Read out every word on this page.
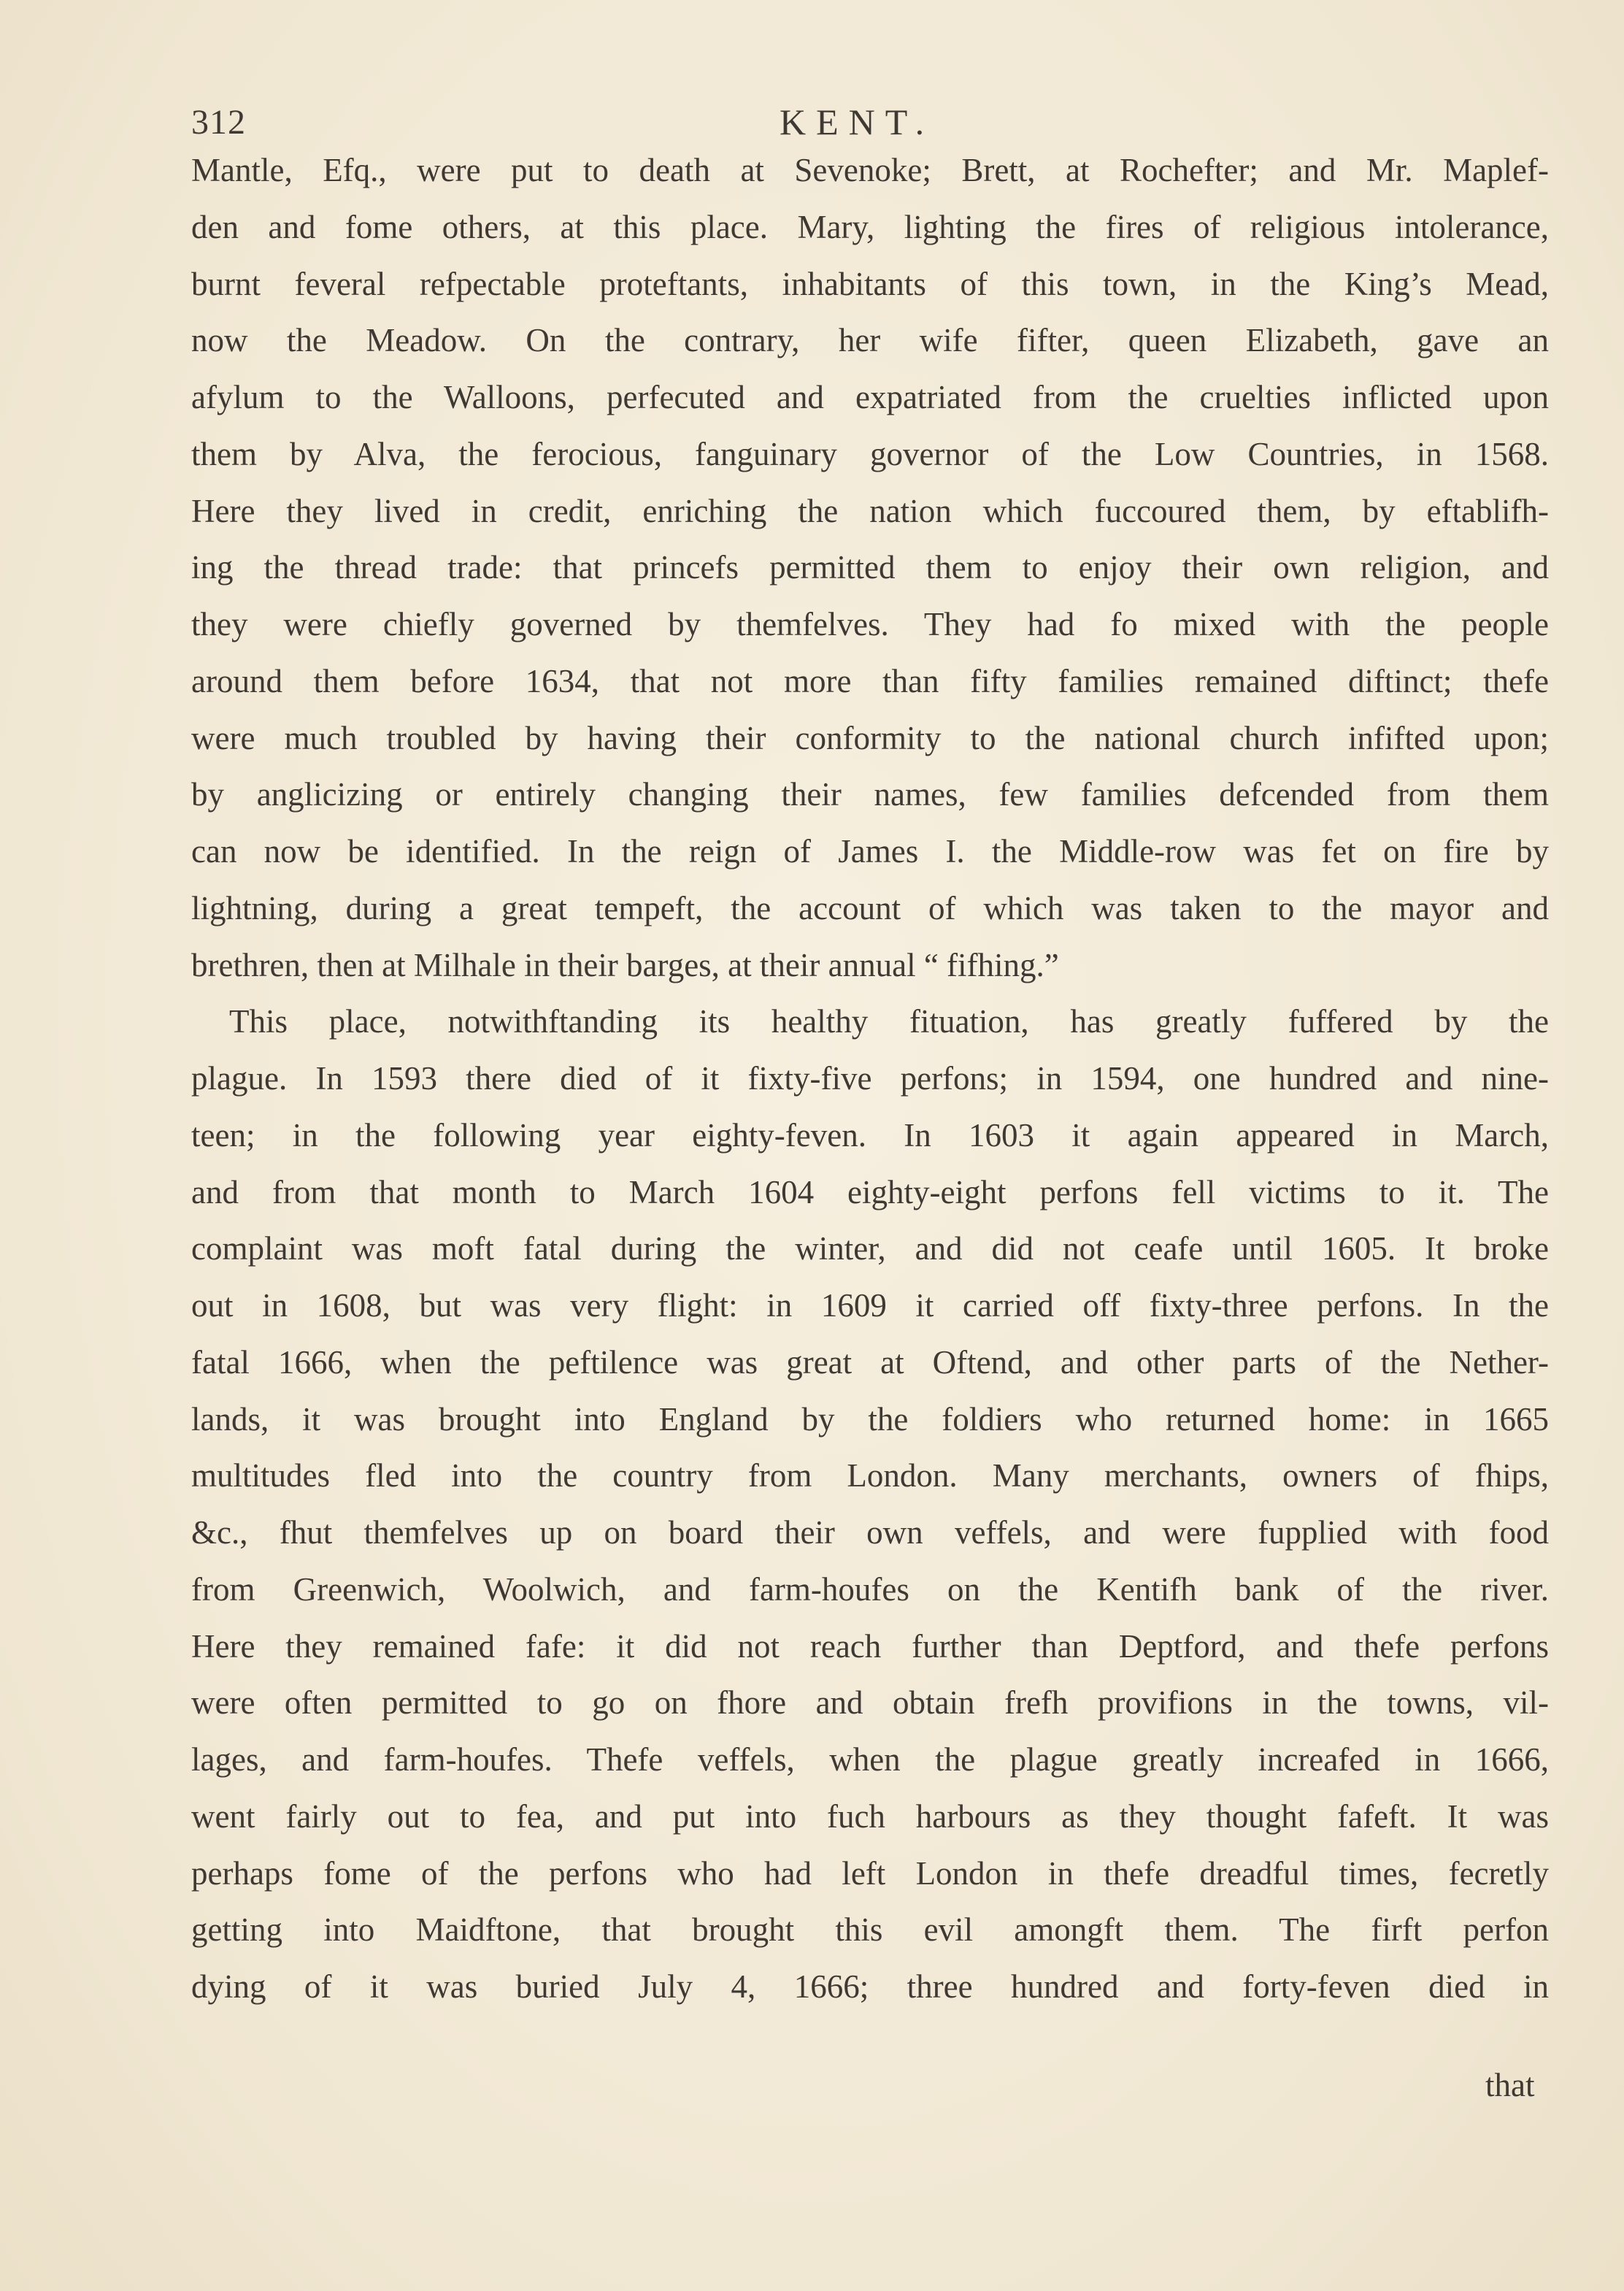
312	KENT.
Mantle, Efq., were put to death at Sevenoke; Brett, at Rochefter; and Mr. Maplef-
den and fome others, at this place. Mary, lighting the fires of religious intolerance,
burnt feveral refpectable proteftants, inhabitants of this town, in the King’s Mead,
now the Meadow. On the contrary, her wife fifter, queen Elizabeth, gave an
afylum to the Walloons, perfecuted and expatriated from the cruelties inflicted upon
them by Alva, the ferocious, fanguinary governor of the Low Countries, in 1568.
Here they lived in credit, enriching the nation which fuccoured them, by eftablifh-
ing the thread trade: that princefs permitted them to enjoy their own religion, and
they were chiefly governed by themfelves. They had fo mixed with the people
around them before 1634, that not more than fifty families remained diftinct; thefe
were much troubled by having their conformity to the national church infifted upon;
by anglicizing or entirely changing their names, few families defcended from them
can now be identified. In the reign of James I. the Middle-row was fet on fire by
lightning, during a great tempeft, the account of which was taken to the mayor and
brethren, then at Milhale in their barges, at their annual “ fifhing.”
This place, notwithftanding its healthy fituation, has greatly fuffered by the
plague. In 1593 there died of it fixty-five perfons; in 1594, one hundred and nine-
teen; in the following year eighty-feven. In 1603 it again appeared in March,
and from that month to March 1604 eighty-eight perfons fell victims to it. The
complaint was moft fatal during the winter, and did not ceafe until 1605. It broke
out in 1608, but was very flight: in 1609 it carried off fixty-three perfons. In the
fatal 1666, when the peftilence was great at Oftend, and other parts of the Nether-
lands, it was brought into England by the foldiers who returned home: in 1665
multitudes fled into the country from London. Many merchants, owners of fhips,
&c., fhut themfelves up on board their own veffels, and were fupplied with food
from Greenwich, Woolwich, and farm-houfes on the Kentifh bank of the river.
Here they remained fafe: it did not reach further than Deptford, and thefe perfons
were often permitted to go on fhore and obtain frefh provifions in the towns, vil-
lages, and farm-houfes. Thefe veffels, when the plague greatly increafed in 1666,
went fairly out to fea, and put into fuch harbours as they thought fafeft. It was
perhaps fome of the perfons who had left London in thefe dreadful times, fecretly
getting into Maidftone, that brought this evil amongft them. The firft perfon
dying of it was buried July 4, 1666; three hundred and forty-feven died in
that
